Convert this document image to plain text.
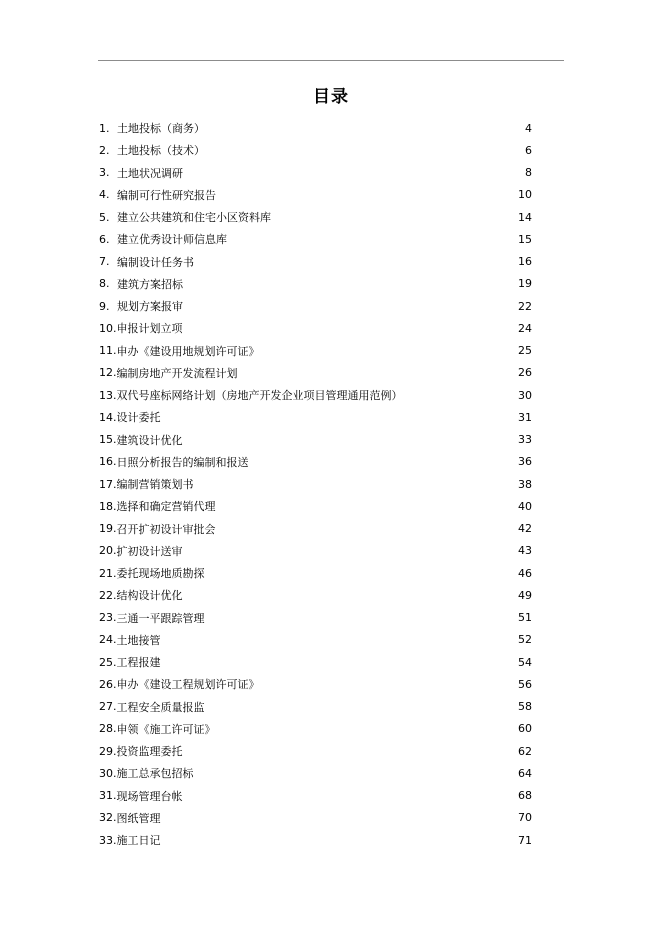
目录
1. 土地投标（商务）	4
2. 土地投标（技术）	6
3. 土地状况调研	8
4. 编制可行性研究报告	10
5. 建立公共建筑和住宅小区资料库	14
6. 建立优秀设计师信息库	15
7. 编制设计任务书	16
8. 建筑方案招标	19
9. 规划方案报审	22
10. 申报计划立项	24
11. 申办《建设用地规划许可证》	25
12. 编制房地产开发流程计划	26
13. 双代号座标网络计划（房地产开发企业项目管理通用范例）	30
14. 设计委托	31
15. 建筑设计优化	33
16. 日照分析报告的编制和报送	36
17. 编制营销策划书	38
18. 选择和确定营销代理	40
19. 召开扩初设计审批会	42
20. 扩初设计送审	43
21. 委托现场地质勘探	46
22. 结构设计优化	49
23. 三通一平跟踪管理	51
24. 土地接管	52
25. 工程报建	54
26. 申办《建设工程规划许可证》	56
27. 工程安全质量报监	58
28. 申领《施工许可证》	60
29. 投资监理委托	62
30. 施工总承包招标	64
31. 现场管理台帐	68
32. 图纸管理	70
33. 施工日记	71
